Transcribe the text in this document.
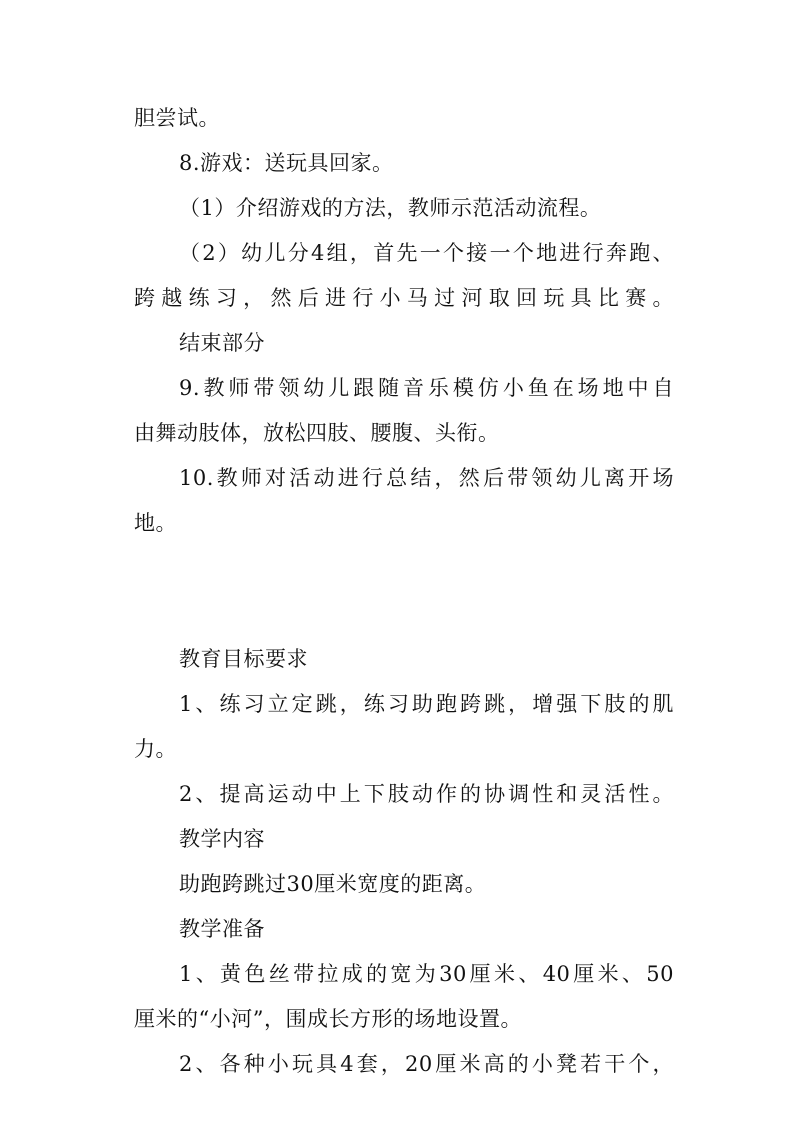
胆尝试。
8.游戏：送玩具回家。
（1）介绍游戏的方法，教师示范活动流程。
（2）幼儿分4组，首先一个接一个地进行奔跑、
跨越练习，然后进行小马过河取回玩具比赛。
结束部分
9.教师带领幼儿跟随音乐模仿小鱼在场地中自
由舞动肢体，放松四肢、腰腹、头衔。
10.教师对活动进行总结，然后带领幼儿离开场
地。
教育目标要求
1、练习立定跳，练习助跑跨跳，增强下肢的肌
力。
2、提高运动中上下肢动作的协调性和灵活性。
教学内容
助跑跨跳过30厘米宽度的距离。
教学准备
1、黄色丝带拉成的宽为30厘米、40厘米、50
厘米的“小河”，围成长方形的场地设置。
2、各种小玩具4套，20厘米高的小凳若干个，
